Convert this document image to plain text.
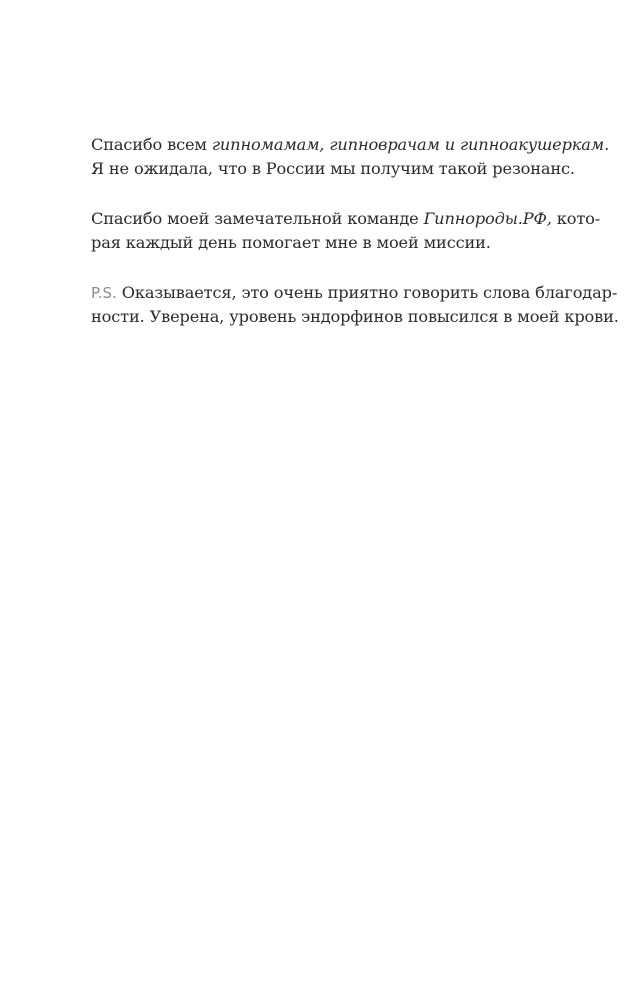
Спасибо всем гипномамам, гипноврачам и гипноакушеркам.
Я не ожидала, что в России мы получим такой резонанс.

Спасибо моей замечательной команде Гипнороды.РФ, кото-
рая каждый день помогает мне в моей миссии.

P.S. Оказывается, это очень приятно говорить слова благодар-
ности. Уверена, уровень эндорфинов повысился в моей крови.
